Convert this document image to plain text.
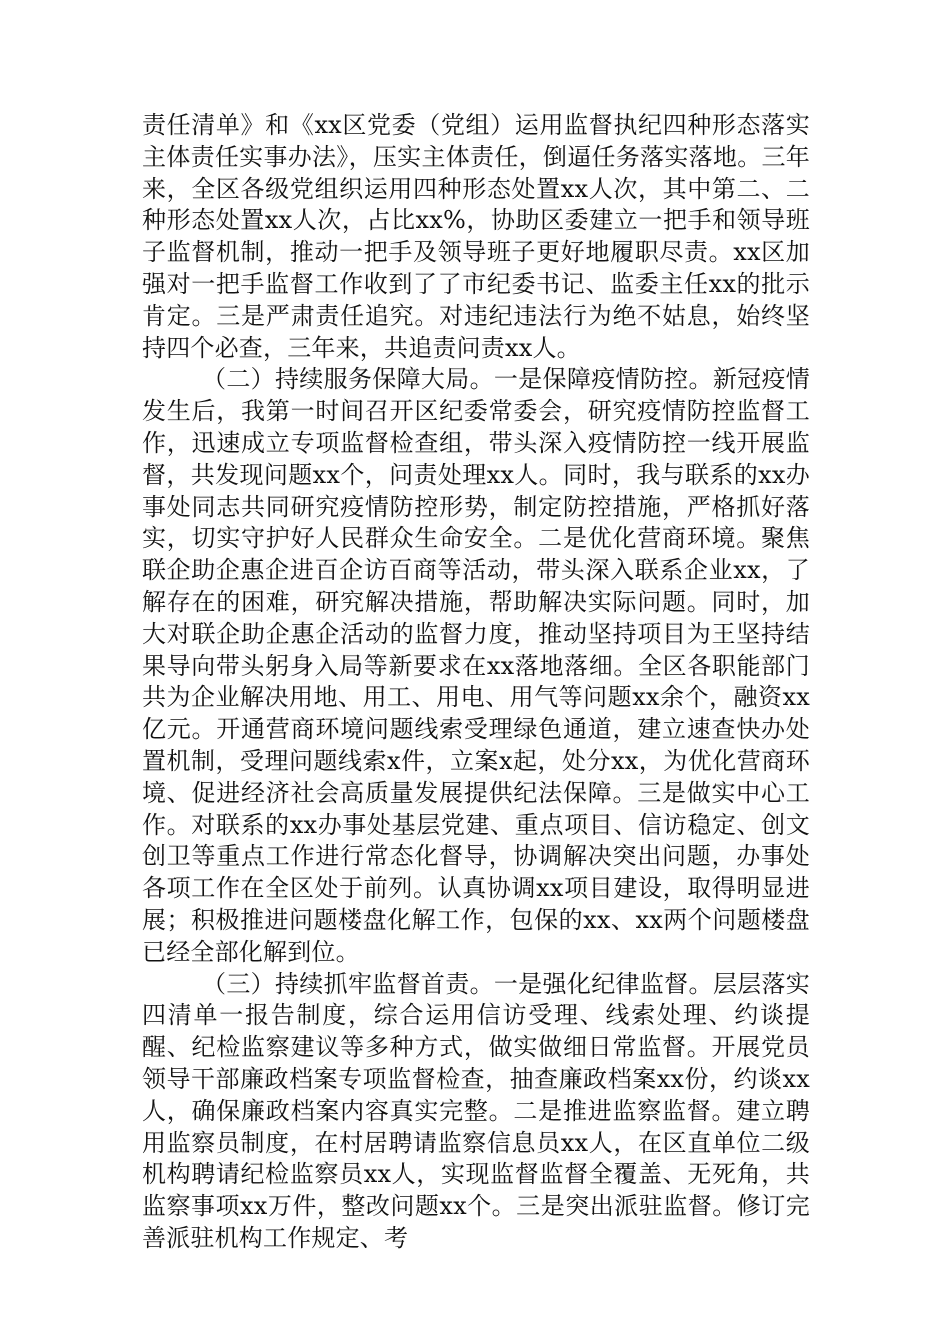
责任清单》和《xx区党委（党组）运用监督执纪四种形态落实主体责任实事办法》，压实主体责任，倒逼任务落实落地。三年来，全区各级党组织运用四种形态处置xx人次，其中第二、二种形态处置xx人次，占比xx%，协助区委建立一把手和领导班子监督机制，推动一把手及领导班子更好地履职尽责。xx区加强对一把手监督工作收到了了市纪委书记、监委主任xx的批示肯定。三是严肃责任追究。对违纪违法行为绝不姑息，始终坚持四个必查，三年来，共追责问责xx人。

（二）持续服务保障大局。一是保障疫情防控。新冠疫情发生后，我第一时间召开区纪委常委会，研究疫情防控监督工作，迅速成立专项监督检查组，带头深入疫情防控一线开展监督，共发现问题xx个，问责处理xx人。同时，我与联系的xx办事处同志共同研究疫情防控形势，制定防控措施，严格抓好落实，切实守护好人民群众生命安全。二是优化营商环境。聚焦联企助企惠企进百企访百商等活动，带头深入联系企业xx，了解存在的困难，研究解决措施，帮助解决实际问题。同时，加大对联企助企惠企活动的监督力度，推动坚持项目为王坚持结果导向带头躬身入局等新要求在xx落地落细。全区各职能部门共为企业解决用地、用工、用电、用气等问题xx余个，融资xx亿元。开通营商环境问题线索受理绿色通道，建立速查快办处置机制，受理问题线索x件，立案x起，处分xx，为优化营商环境、促进经济社会高质量发展提供纪法保障。三是做实中心工作。对联系的xx办事处基层党建、重点项目、信访稳定、创文创卫等重点工作进行常态化督导，协调解决突出问题，办事处各项工作在全区处于前列。认真协调xx项目建设，取得明显进展；积极推进问题楼盘化解工作，包保的xx、xx两个问题楼盘已经全部化解到位。

（三）持续抓牢监督首责。一是强化纪律监督。层层落实四清单一报告制度，综合运用信访受理、线索处理、约谈提醒、纪检监察建议等多种方式，做实做细日常监督。开展党员领导干部廉政档案专项监督检查，抽查廉政档案xx份，约谈xx人，确保廉政档案内容真实完整。二是推进监察监督。建立聘用监察员制度，在村居聘请监察信息员xx人，在区直单位二级机构聘请纪检监察员xx人，实现监督监督全覆盖、无死角，共监察事项xx万件，整改问题xx个。三是突出派驻监督。修订完善派驻机构工作规定、考
